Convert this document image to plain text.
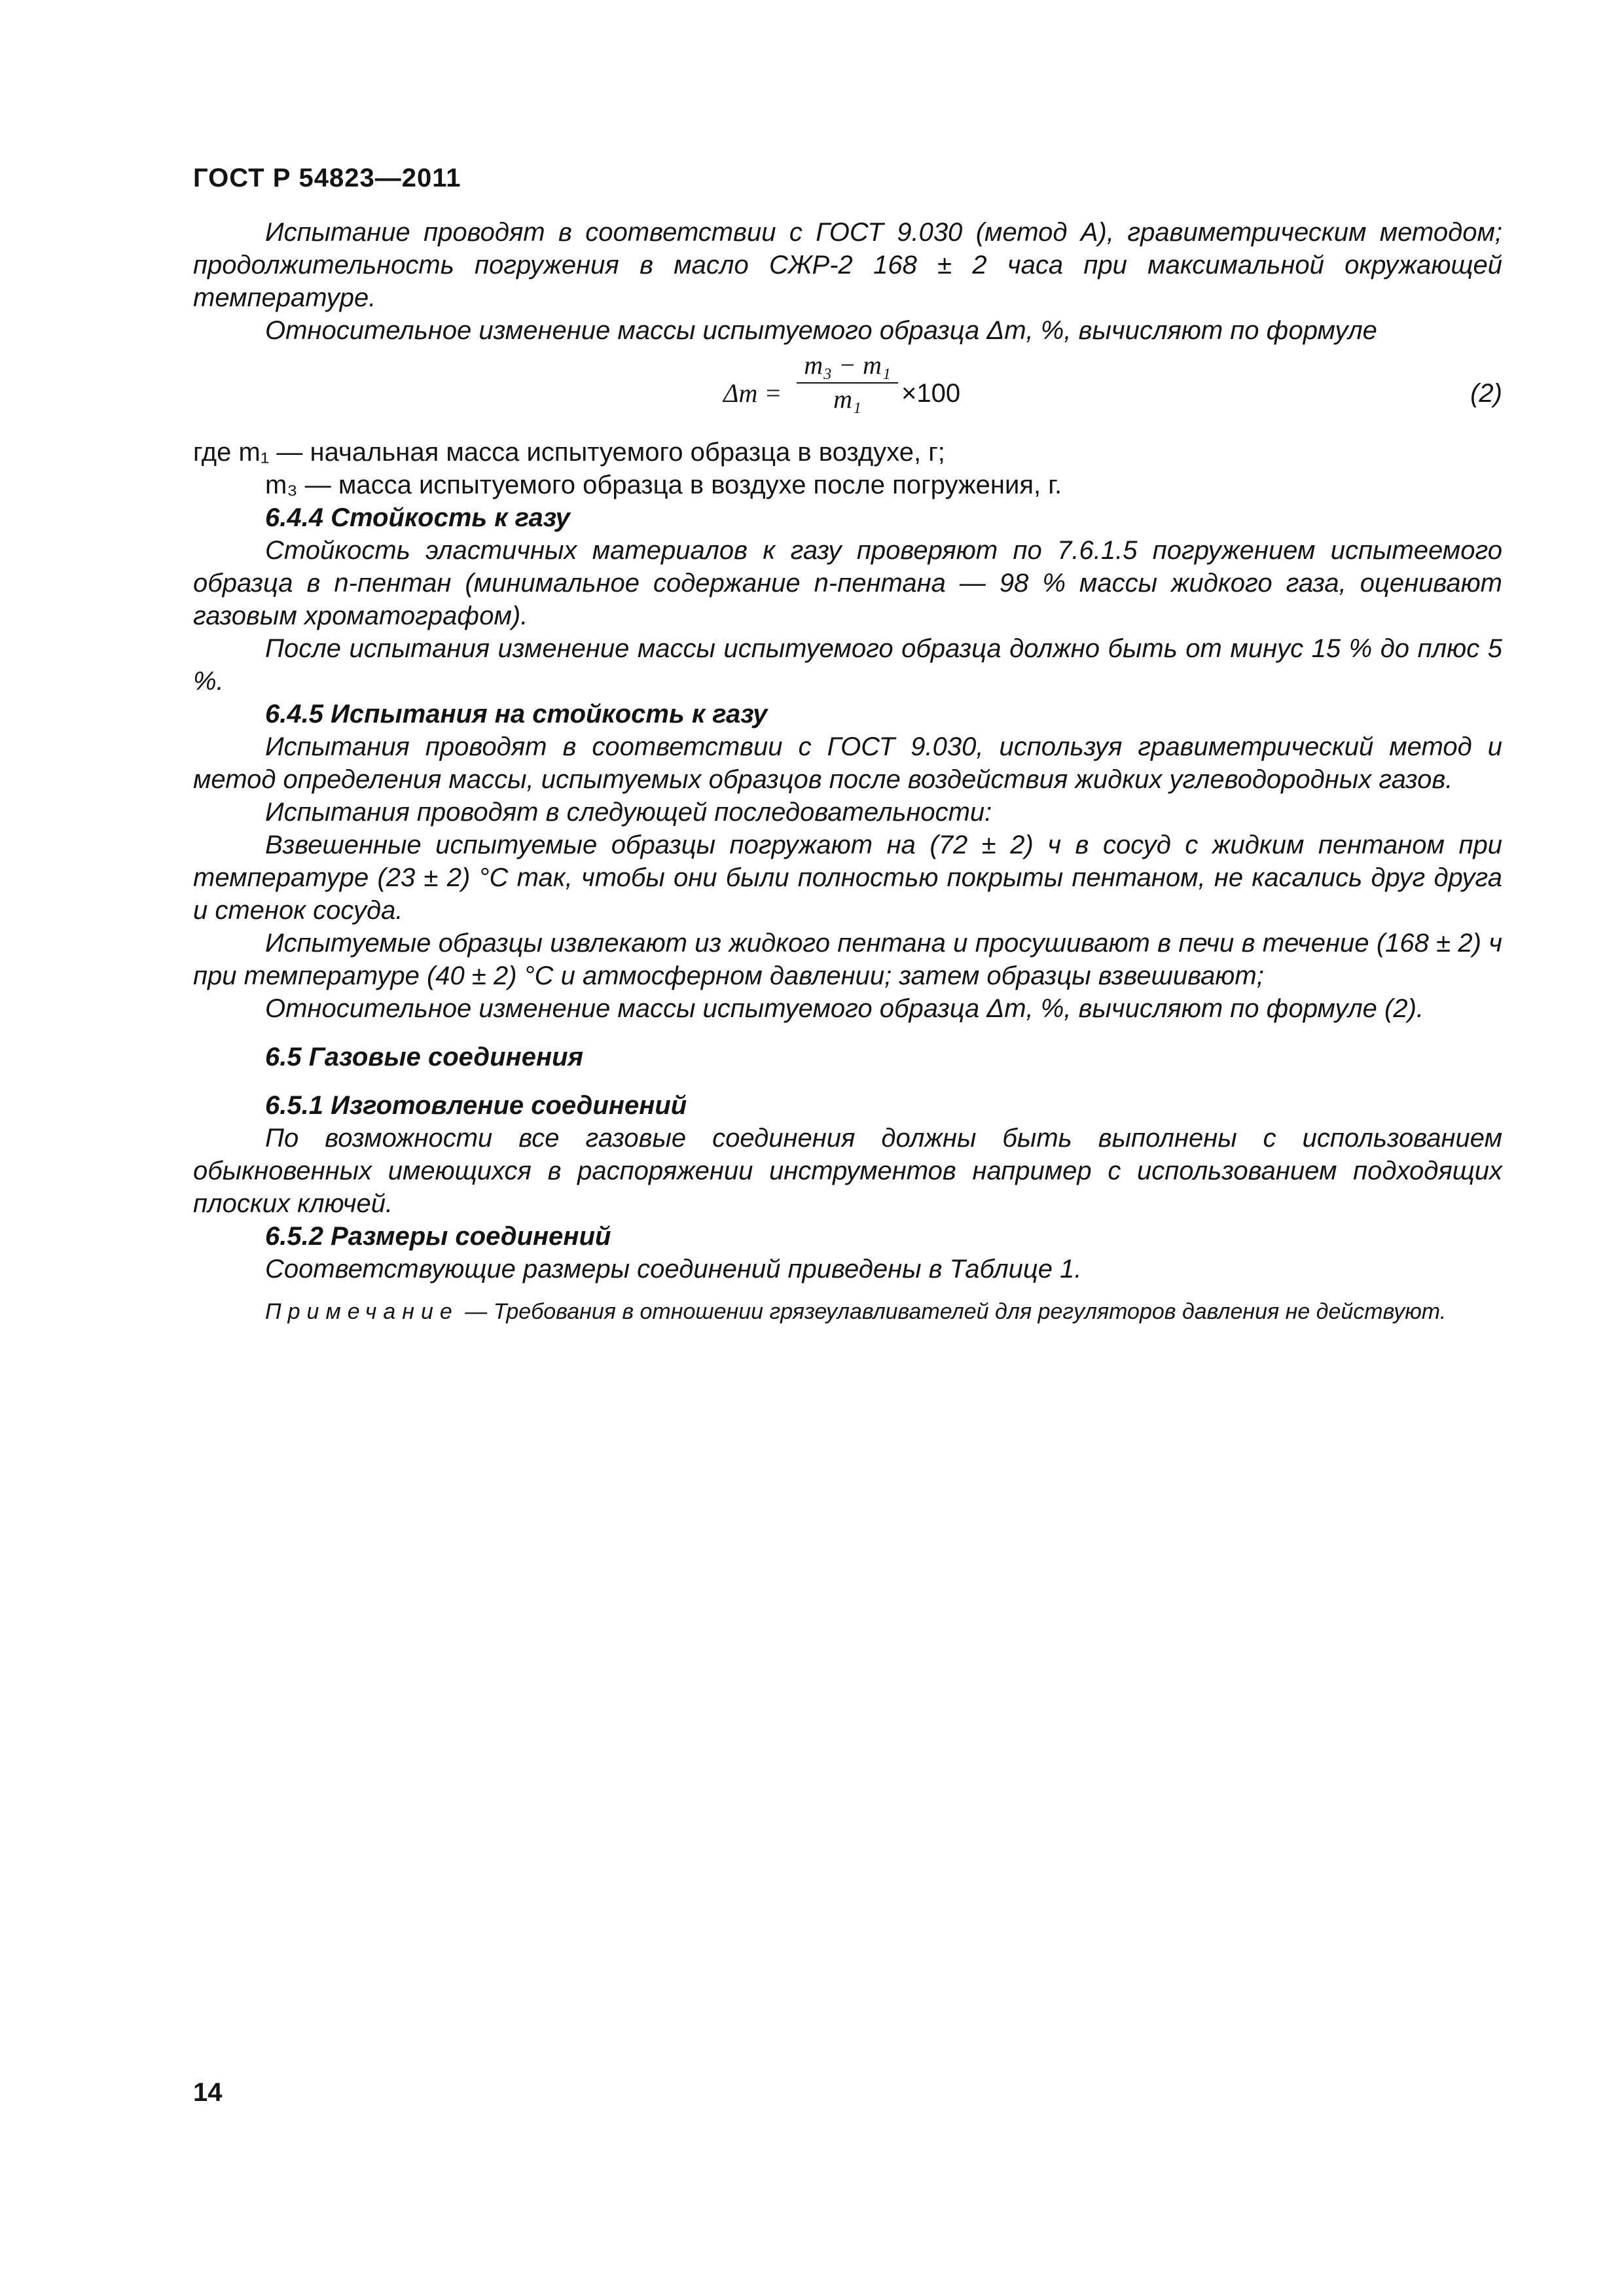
ГОСТ Р 54823—2011

Испытание проводят в соответствии с ГОСТ 9.030 (метод А), гравиметрическим методом; продолжительность погружения в масло СЖР-2 168 ± 2 часа при максимальной окружающей температуре.

Относительное изменение массы испытуемого образца Δm, %, вычисляют по формуле

Δm =
m₃ − m₁
m₁	×100	(2)

где m₁ — начальная масса испытуемого образца в воздухе, г;

m₃ — масса испытуемого образца в воздухе после погружения, г.

6.4.4 Стойкость к газу

Стойкость эластичных материалов к газу проверяют по 7.6.1.5 погружением испытеемого образца в n-пентан (минимальное содержание n-пентана — 98 % массы жидкого газа, оценивают газовым хроматографом).

После испытания изменение массы испытуемого образца должно быть от минус 15 % до плюс 5 %.

6.4.5 Испытания на стойкость к газу

Испытания проводят в соответствии с ГОСТ 9.030, используя гравиметрический метод и метод определения массы, испытуемых образцов после воздействия жидких углеводородных газов.

Испытания проводят в следующей последовательности:

Взвешенные испытуемые образцы погружают на (72 ± 2) ч в сосуд с жидким пентаном при температуре (23 ± 2) °С так, чтобы они были полностью покрыты пентаном, не касались друг друга и стенок сосуда.

Испытуемые образцы извлекают из жидкого пентана и просушивают в печи в течение (168 ± 2) ч при температуре (40 ± 2) °С и атмосферном давлении; затем образцы взвешивают;

Относительное изменение массы испытуемого образца Δm, %, вычисляют по формуле (2).

6.5 Газовые соединения

6.5.1 Изготовление соединений

По возможности все газовые соединения должны быть выполнены с использованием обыкновенных имеющихся в распоряжении инструментов например с использованием подходящих плоских ключей.

6.5.2 Размеры соединений

Соответствующие размеры соединений приведены в Таблице 1.

Примечание — Требования в отношении грязеулавливателей для регуляторов давления не действуют.

14
